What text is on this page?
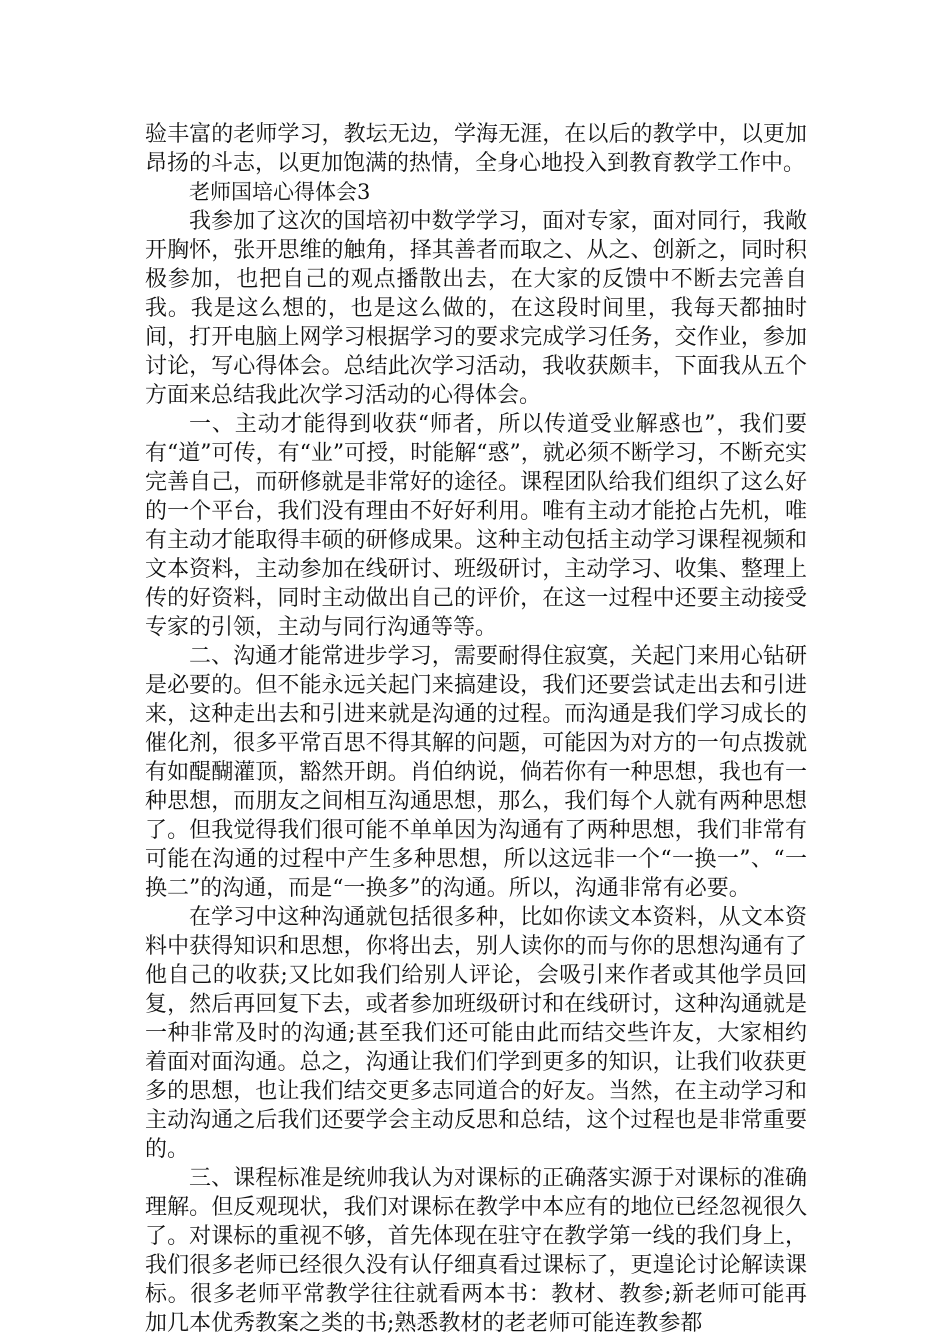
验丰富的老师学习，教坛无边，学海无涯，在以后的教学中，以更加昂扬的斗志，以更加饱满的热情，全身心地投入到教育教学工作中。

老师国培心得体会3

我参加了这次的国培初中数学学习，面对专家，面对同行，我敞开胸怀，张开思维的触角，择其善者而取之、从之、创新之，同时积极参加，也把自己的观点播散出去，在大家的反馈中不断去完善自我。我是这么想的，也是这么做的，在这段时间里，我每天都抽时间，打开电脑上网学习根据学习的要求完成学习任务，交作业，参加讨论，写心得体会。总结此次学习活动，我收获颇丰，下面我从五个方面来总结我此次学习活动的心得体会。

一、主动才能得到收获“师者，所以传道受业解惑也”，我们要有“道”可传，有“业”可授，时能解“惑”，就必须不断学习，不断充实完善自己，而研修就是非常好的途径。课程团队给我们组织了这么好的一个平台，我们没有理由不好好利用。唯有主动才能抢占先机，唯有主动才能取得丰硕的研修成果。这种主动包括主动学习课程视频和文本资料，主动参加在线研讨、班级研讨，主动学习、收集、整理上传的好资料，同时主动做出自己的评价，在这一过程中还要主动接受专家的引领，主动与同行沟通等等。

二、沟通才能常进步学习，需要耐得住寂寞，关起门来用心钻研是必要的。但不能永远关起门来搞建设，我们还要尝试走出去和引进来，这种走出去和引进来就是沟通的过程。而沟通是我们学习成长的催化剂，很多平常百思不得其解的问题，可能因为对方的一句点拨就有如醍醐灌顶，豁然开朗。肖伯纳说，倘若你有一种思想，我也有一种思想，而朋友之间相互沟通思想，那么，我们每个人就有两种思想了。但我觉得我们很可能不单单因为沟通有了两种思想，我们非常有可能在沟通的过程中产生多种思想，所以这远非一个“一换一”、“一换二”的沟通，而是“一换多”的沟通。所以，沟通非常有必要。

在学习中这种沟通就包括很多种，比如你读文本资料，从文本资料中获得知识和思想，你将出去，别人读你的而与你的思想沟通有了他自己的收获;又比如我们给别人评论，会吸引来作者或其他学员回复，然后再回复下去，或者参加班级研讨和在线研讨，这种沟通就是一种非常及时的沟通;甚至我们还可能由此而结交些许友，大家相约着面对面沟通。总之，沟通让我们们学到更多的知识，让我们收获更多的思想，也让我们结交更多志同道合的好友。当然，在主动学习和主动沟通之后我们还要学会主动反思和总结，这个过程也是非常重要的。

三、课程标准是统帅我认为对课标的正确落实源于对课标的准确理解。但反观现状，我们对课标在教学中本应有的地位已经忽视很久了。对课标的重视不够，首先体现在驻守在教学第一线的我们身上，我们很多老师已经很久没有认仔细真看过课标了，更遑论讨论解读课标。很多老师平常教学往往就看两本书：教材、教参;新老师可能再加几本优秀教案之类的书;熟悉教材的老老师可能连教参都
